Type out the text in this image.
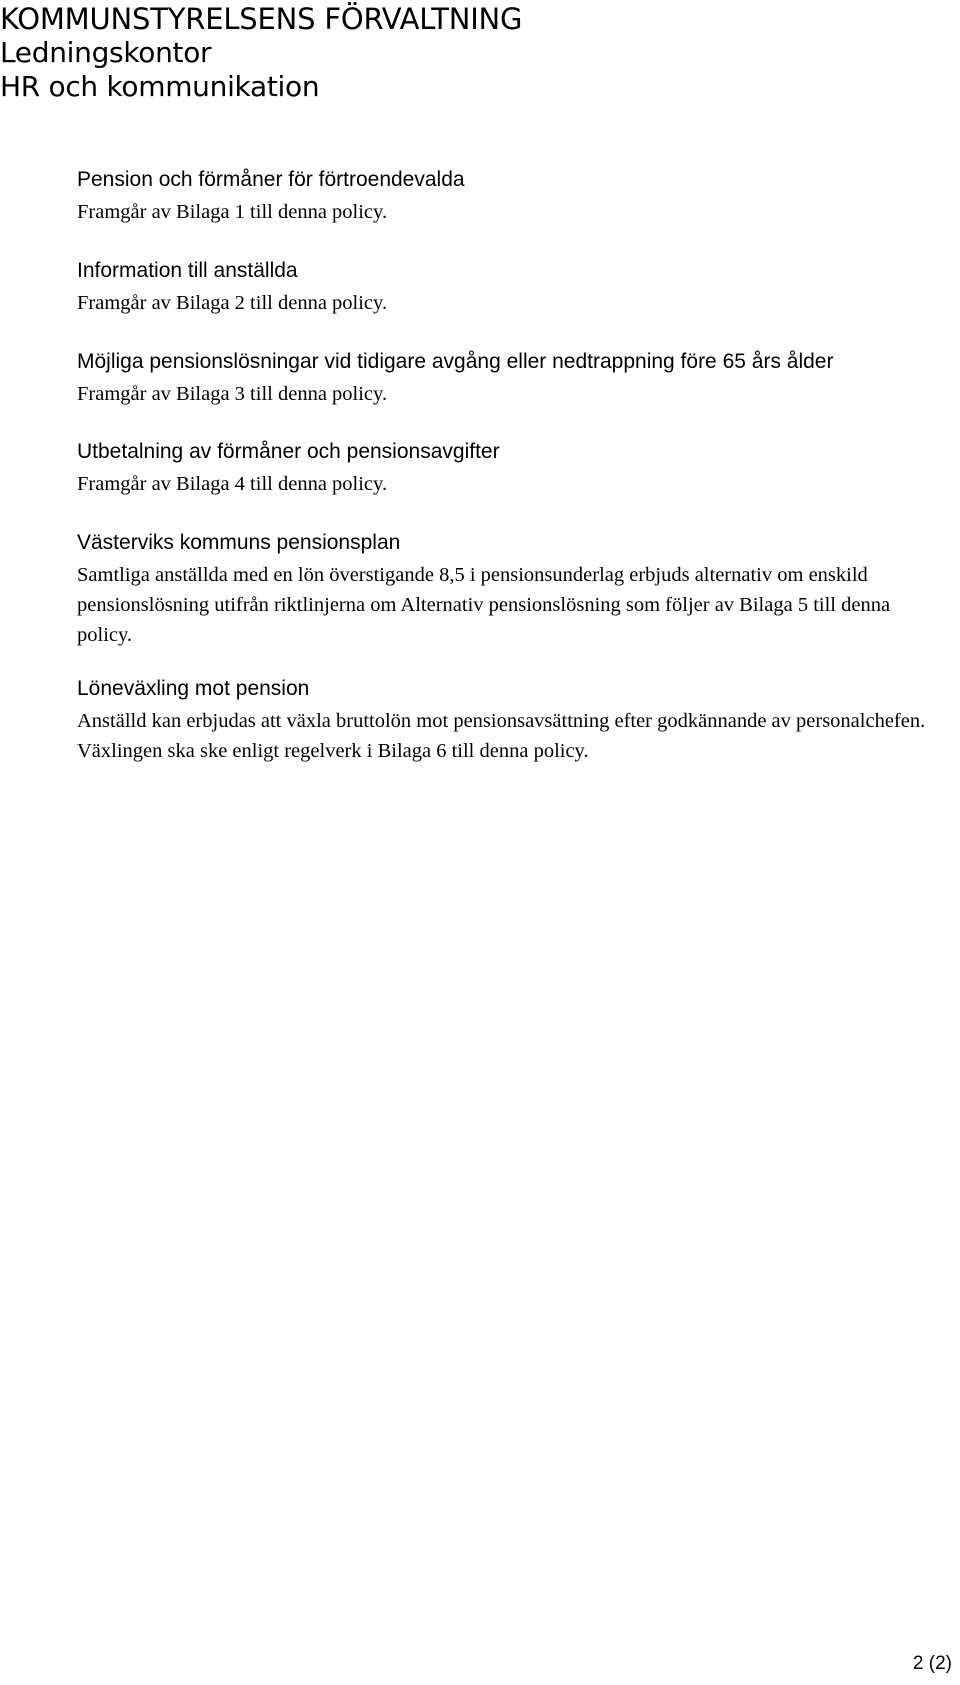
KOMMUNSTYRELSENS FÖRVALTNING
Ledningskontor
HR och kommunikation
Pension och förmåner för förtroendevalda
Framgår av Bilaga 1 till denna policy.
Information till anställda
Framgår av Bilaga 2 till denna policy.
Möjliga pensionslösningar vid tidigare avgång eller nedtrappning före 65 års ålder
Framgår av Bilaga 3 till denna policy.
Utbetalning av förmåner och pensionsavgifter
Framgår av Bilaga 4 till denna policy.
Västerviks kommuns pensionsplan
Samtliga anställda med en lön överstigande 8,5 i pensionsunderlag erbjuds alternativ om enskild pensionslösning utifrån riktlinjerna om Alternativ pensionslösning som följer av Bilaga 5 till denna policy.
Löneväxling mot pension
Anställd kan erbjudas att växla bruttolön mot pensionsavsättning efter godkännande av personalchefen. Växlingen ska ske enligt regelverk i Bilaga 6 till denna policy.
2 (2)
